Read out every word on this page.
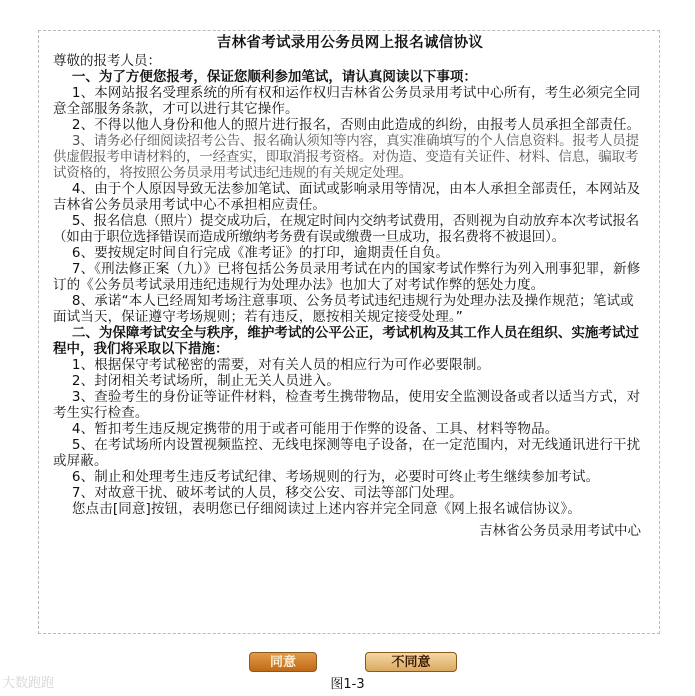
吉林省考试录用公务员网上报名诚信协议

尊敬的报考人员：

一、为了方便您报考，保证您顺利参加笔试，请认真阅读以下事项：

1、本网站报名受理系统的所有权和运作权归吉林省公务员录用考试中心所有，考生必须完全同意全部服务条款，才可以进行其它操作。

2、不得以他人身份和他人的照片进行报名，否则由此造成的纠纷，由报考人员承担全部责任。

3、请务必仔细阅读招考公告、报名确认须知等内容，真实准确填写的个人信息资料。报考人员提供虚假报考申请材料的，一经查实，即取消报考资格。对伪造、变造有关证件、材料、信息，骗取考试资格的，将按照公务员录用考试违纪违规的有关规定处理。

4、由于个人原因导致无法参加笔试、面试或影响录用等情况，由本人承担全部责任，本网站及吉林省公务员录用考试中心不承担相应责任。

5、报名信息（照片）提交成功后，在规定时间内交纳考试费用，否则视为自动放弃本次考试报名（如由于职位选择错误而造成所缴纳考务费有误或缴费一旦成功，报名费将不被退回）。

6、要按规定时间自行完成《准考证》的打印，逾期责任自负。

7、《刑法修正案（九）》已将包括公务员录用考试在内的国家考试作弊行为列入刑事犯罪，新修订的《公务员考试录用违纪违规行为处理办法》也加大了对考试作弊的惩处力度。

8、承诺“本人已经周知考场注意事项、公务员考试违纪违规行为处理办法及操作规范；笔试或面试当天，保证遵守考场规则；若有违反，愿按相关规定接受处理。”

二、为保障考试安全与秩序，维护考试的公平公正，考试机构及其工作人员在组织、实施考试过程中，我们将采取以下措施：

1、根据保守考试秘密的需要，对有关人员的相应行为可作必要限制。

2、封闭相关考试场所，制止无关人员进入。

3、查验考生的身份证等证件材料，检查考生携带物品，使用安全监测设备或者以适当方式，对考生实行检查。

4、暂扣考生违反规定携带的用于或者可能用于作弊的设备、工具、材料等物品。

5、在考试场所内设置视频监控、无线电探测等电子设备，在一定范围内，对无线通讯进行干扰或屏蔽。

6、制止和处理考生违反考试纪律、考场规则的行为，必要时可终止考生继续参加考试。

7、对故意干扰、破坏考试的人员，移交公安、司法等部门处理。

您点击[同意]按钮，表明您已仔细阅读过上述内容并完全同意《网上报名诚信协议》。

吉林省公务员录用考试中心

同意	不同意
大数跑跑	图1-3
